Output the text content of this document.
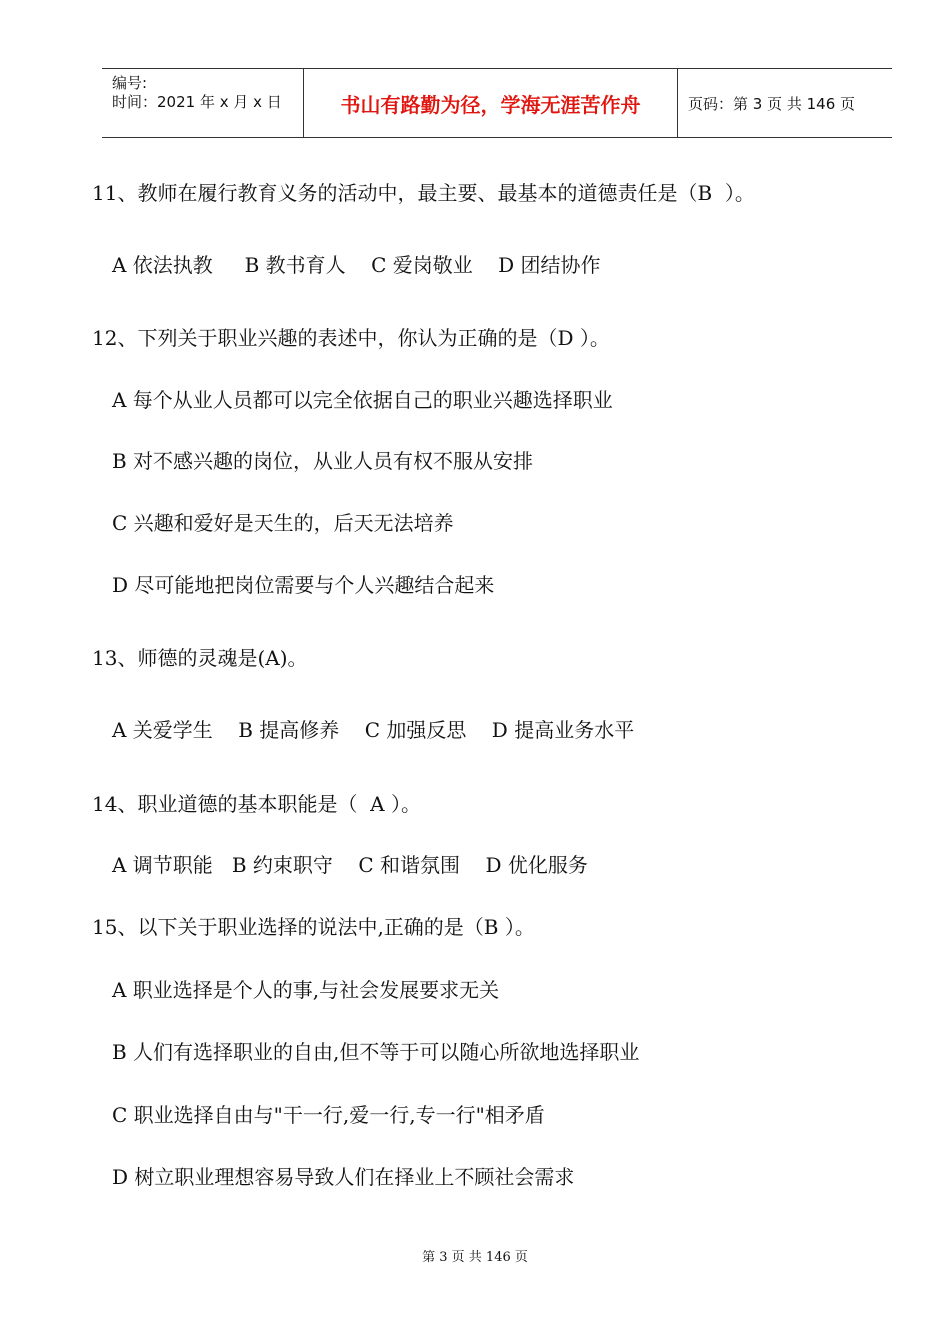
编号:
时间：2021 年 x 月 x 日	书山有路勤为径，学海无涯苦作舟	页码：第 3 页 共 146 页
11、教师在履行教育义务的活动中，最主要、最基本的道德责任是（B  ）。
A 依法执教     B 教书育人    C 爱岗敬业    D 团结协作
12、下列关于职业兴趣的表述中，你认为正确的是（D ）。
A 每个从业人员都可以完全依据自己的职业兴趣选择职业
B 对不感兴趣的岗位，从业人员有权不服从安排
C 兴趣和爱好是天生的，后天无法培养
D 尽可能地把岗位需要与个人兴趣结合起来
13、师德的灵魂是(A)。
A 关爱学生    B 提高修养    C 加强反思    D 提高业务水平
14、职业道德的基本职能是（  A ）。
A 调节职能   B 约束职守    C 和谐氛围    D 优化服务
15、以下关于职业选择的说法中,正确的是（B ）。
A 职业选择是个人的事,与社会发展要求无关
B 人们有选择职业的自由,但不等于可以随心所欲地选择职业
C 职业选择自由与"干一行,爱一行,专一行"相矛盾
D 树立职业理想容易导致人们在择业上不顾社会需求
第 3 页 共 146 页
